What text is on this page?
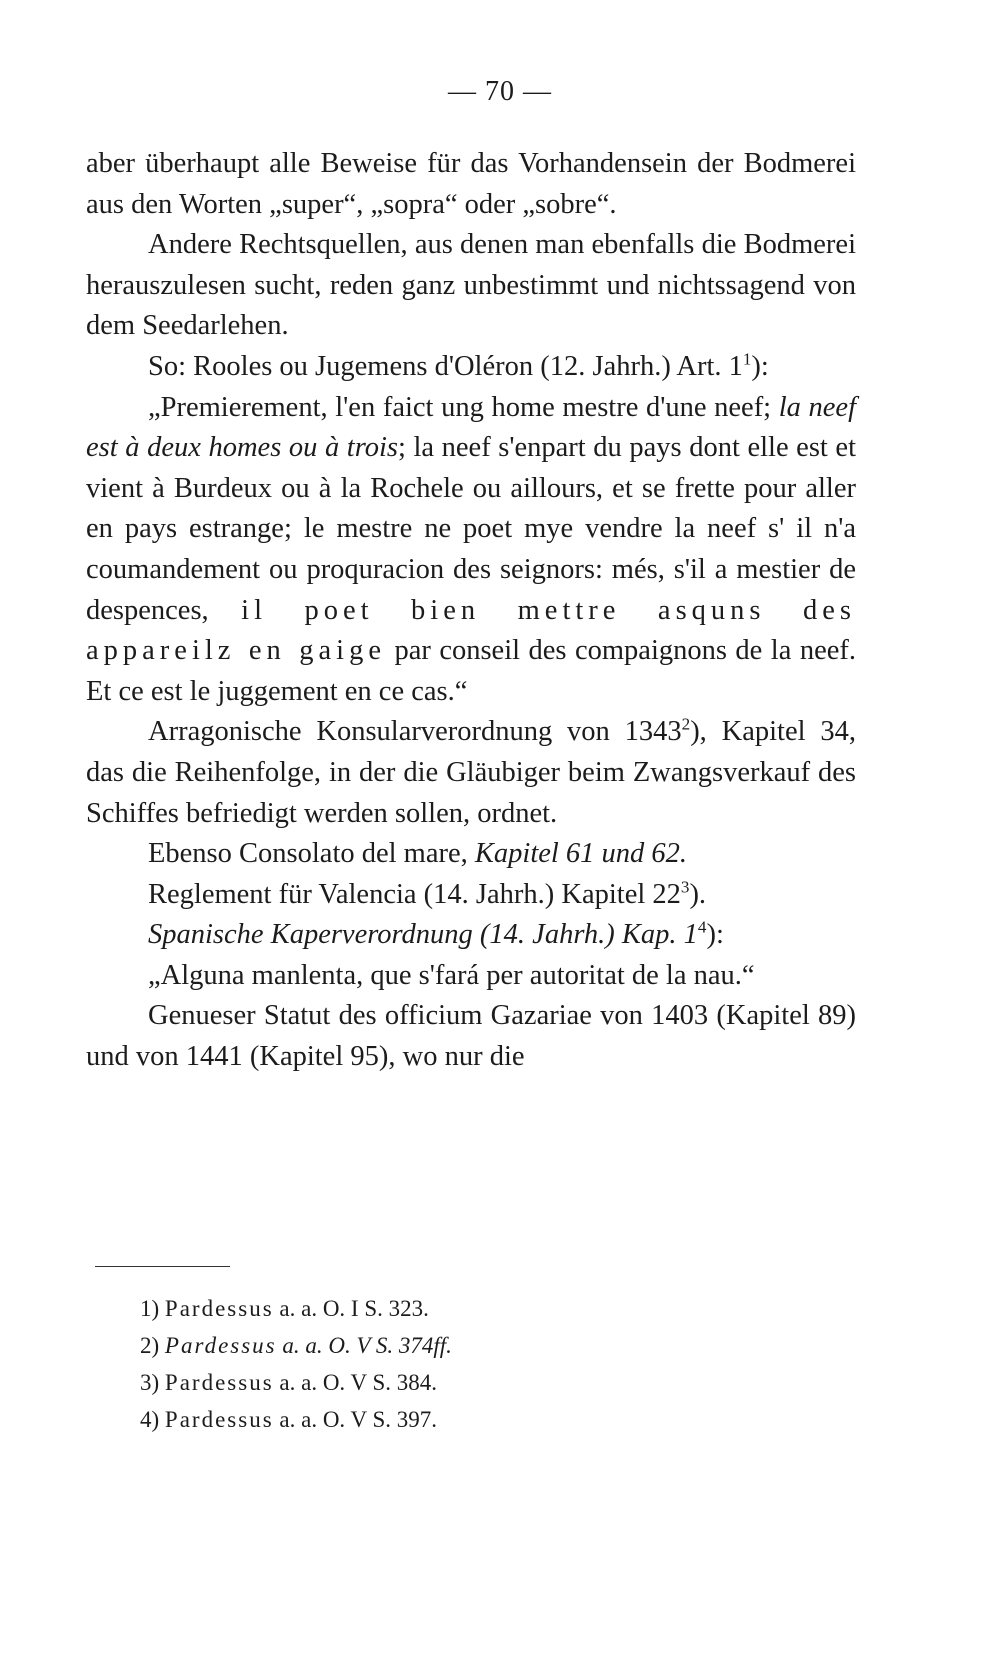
— 70 —

aber überhaupt alle Beweise für das Vorhandensein der Bodmerei aus den Worten „super“, „sopra“ oder „sobre“.

Andere Rechtsquellen, aus denen man ebenfalls die Bodmerei herauszulesen sucht, reden ganz unbestimmt und nichtssagend von dem Seedarlehen.

So: Rooles ou Jugemens d'Oléron (12. Jahrh.) Art. $1^1$):

„Premierement, l'en faict ung home mestre d'une neef; la neef est à deux homes ou à trois; la neef s'enpart du pays dont elle est et vient à Burdeux ou à la Rochele ou aillours, et se frette pour aller en pays estrange; le mestre ne poet mye vendre la neef s' il n'a coumandement ou proquracion des seignors: més, s'il a mestier de despences, il poet bien mettre asquns des appareilz en gaige par conseil des compaignons de la neef. Et ce est le juggement en ce cas.“

Arragonische Konsularverordnung von 1343$^2$), Kapitel 34, das die Reihenfolge, in der die Gläubiger beim Zwangsverkauf des Schiffes befriedigt werden sollen, ordnet.

Ebenso Consolato del mare, Kapitel 61 und 62.

Reglement für Valencia (14. Jahrh.) Kapitel $22^3$).

Spanische Kaperverordnung (14. Jahrh.) Kap. $1^4$):

„Alguna manlenta, que s'fará per autoritat de la nau.“

Genueser Statut des officium Gazariae von 1403 (Kapitel 89) und von 1441 (Kapitel 95), wo nur die

1) Pardessus a. a. O. I S. 323.

2) Pardessus a. a. O. V S. 374ff.

3) Pardessus a. a. O. V S. 384.

4) Pardessus a. a. O. V S. 397.
